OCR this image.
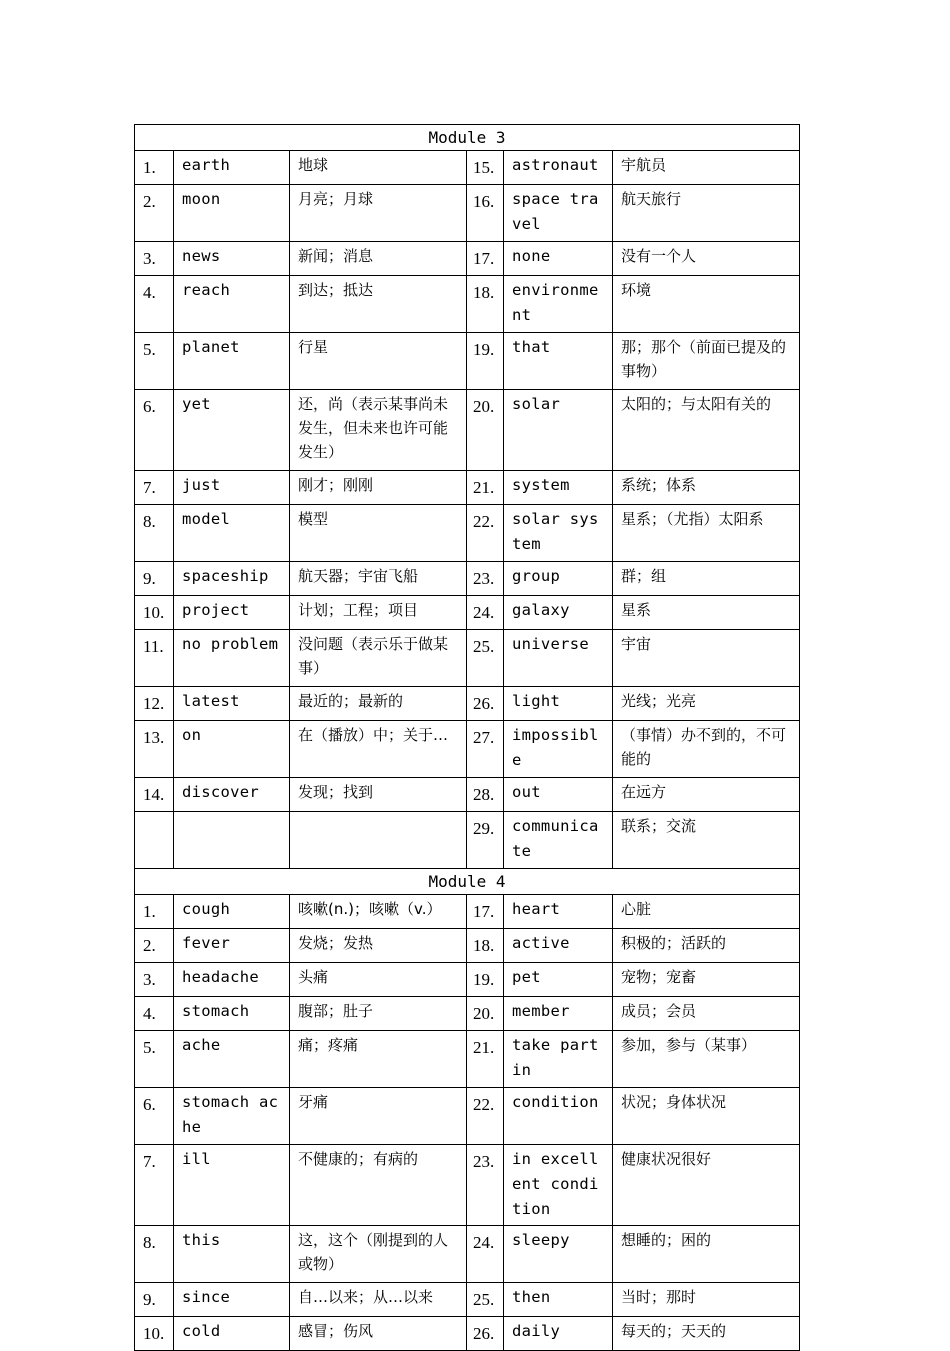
Module 3					
1.	earth	地球	15.	astronaut	宇航员
2.	moon	月亮；月球	16.	space travel	航天旅行
3.	news	新闻；消息	17.	none	没有一个人
4.	reach	到达；抵达	18.	environment	环境
5.	planet	行星	19.	that	那；那个（前面已提及的事物）
6.	yet	还，尚（表示某事尚未发生，但未来也许可能发生）	20.	solar	太阳的；与太阳有关的
7.	just	刚才；刚刚	21.	system	系统；体系
8.	model	模型	22.	solar system	星系；（尤指）太阳系
9.	spaceship	航天器；宇宙飞船	23.	group	群；组
10.	project	计划；工程；项目	24.	galaxy	星系
11.	no problem	没问题（表示乐于做某事）	25.	universe	宇宙
12.	latest	最近的；最新的	26.	light	光线；光亮
13.	on	在（播放）中；关于…	27.	impossible	（事情）办不到的，不可能的
14.	discover	发现；找到	28.	out	在远方
			29.	communicate	联系；交流
Module 4					
1.	cough	咳嗽(n.)；咳嗽（v.）	17.	heart	心脏
2.	fever	发烧；发热	18.	active	积极的；活跃的
3.	headache	头痛	19.	pet	宠物；宠畜
4.	stomach	腹部；肚子	20.	member	成员；会员
5.	ache	痛；疼痛	21.	take part in	参加，参与（某事）
6.	stomach ache	牙痛	22.	condition	状况；身体状况
7.	ill	不健康的；有病的	23.	in excellent condition	健康状况很好
8.	this	这，这个（刚提到的人或物）	24.	sleepy	想睡的；困的
9.	since	自…以来；从…以来	25.	then	当时；那时
10.	cold	感冒；伤风	26.	daily	每天的；天天的
